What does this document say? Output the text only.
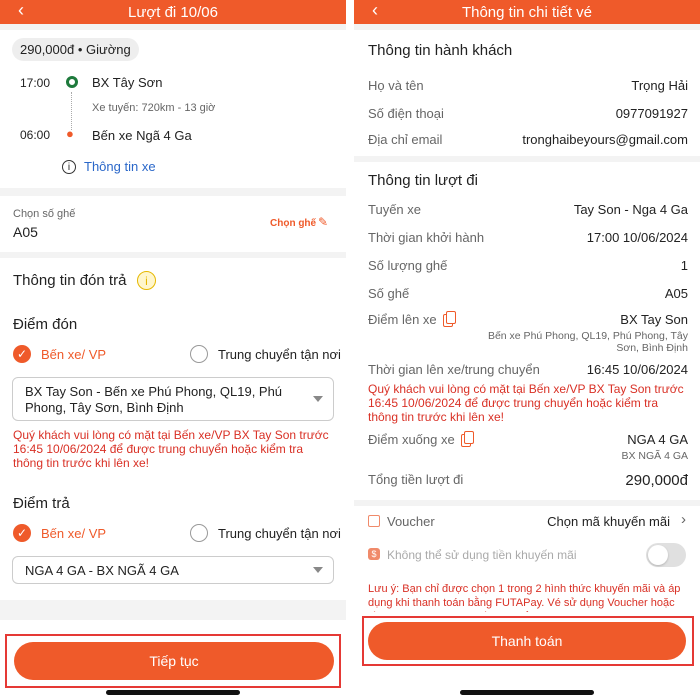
‹	Lượt đi 10/06
290,000đ • Giường
17:00	BX Tây Sơn
Xe tuyến: 720km - 13 giờ
06:00 ● Bến xe Ngã 4 Ga
i	Thông tin xe
Chọn số ghế
A05
Chọn ghế ✎
Thông tin đón trả	i
Điểm đón
✓	Bến xe/ VP	Trung chuyển tận nơi
BX Tay Son - Bến xe Phú Phong, QL19, Phú Phong, Tây Sơn, Bình Định
Quý khách vui lòng có mặt tại Bến xe/VP BX Tay Son trước 16:45 10/06/2024 để được trung chuyển hoặc kiểm tra thông tin trước khi lên xe!
Điểm trả
✓	Bến xe/ VP	Trung chuyển tận nơi
NGA 4 GA - BX NGÃ 4 GA
Tiếp tục
‹	Thông tin chi tiết vé
Thông tin hành khách
Họ và tên	Trọng Hải
Số điện thoại	0977091927
Địa chỉ email	tronghaibeyours@gmail.com
Thông tin lượt đi
Tuyến xe	Tay Son - Nga 4 Ga
Thời gian khởi hành	17:00 10/06/2024
Số lượng ghế	1
Số ghế	A05
Điểm lên xe	BX Tay Son
Bến xe Phú Phong, QL19, Phú Phong, Tây Sơn, Bình Định
Thời gian lên xe/trung chuyển	16:45 10/06/2024
Quý khách vui lòng có mặt tại Bến xe/VP BX Tay Son trước 16:45 10/06/2024 để được trung chuyển hoặc kiểm tra thông tin trước khi lên xe!
Điểm xuống xe	NGA 4 GA
BX NGÃ 4 GA
Tổng tiền lượt đi	290,000đ
Voucher	Chọn mã khuyến mãi ›
$ Không thể sử dụng tiền khuyến mãi
Lưu ý: Bạn chỉ được chọn 1 trong 2 hình thức khuyến mãi và áp dụng khi thanh toán bằng FUTAPay. Vé sử dụng Voucher hoặc
Thanh toán
